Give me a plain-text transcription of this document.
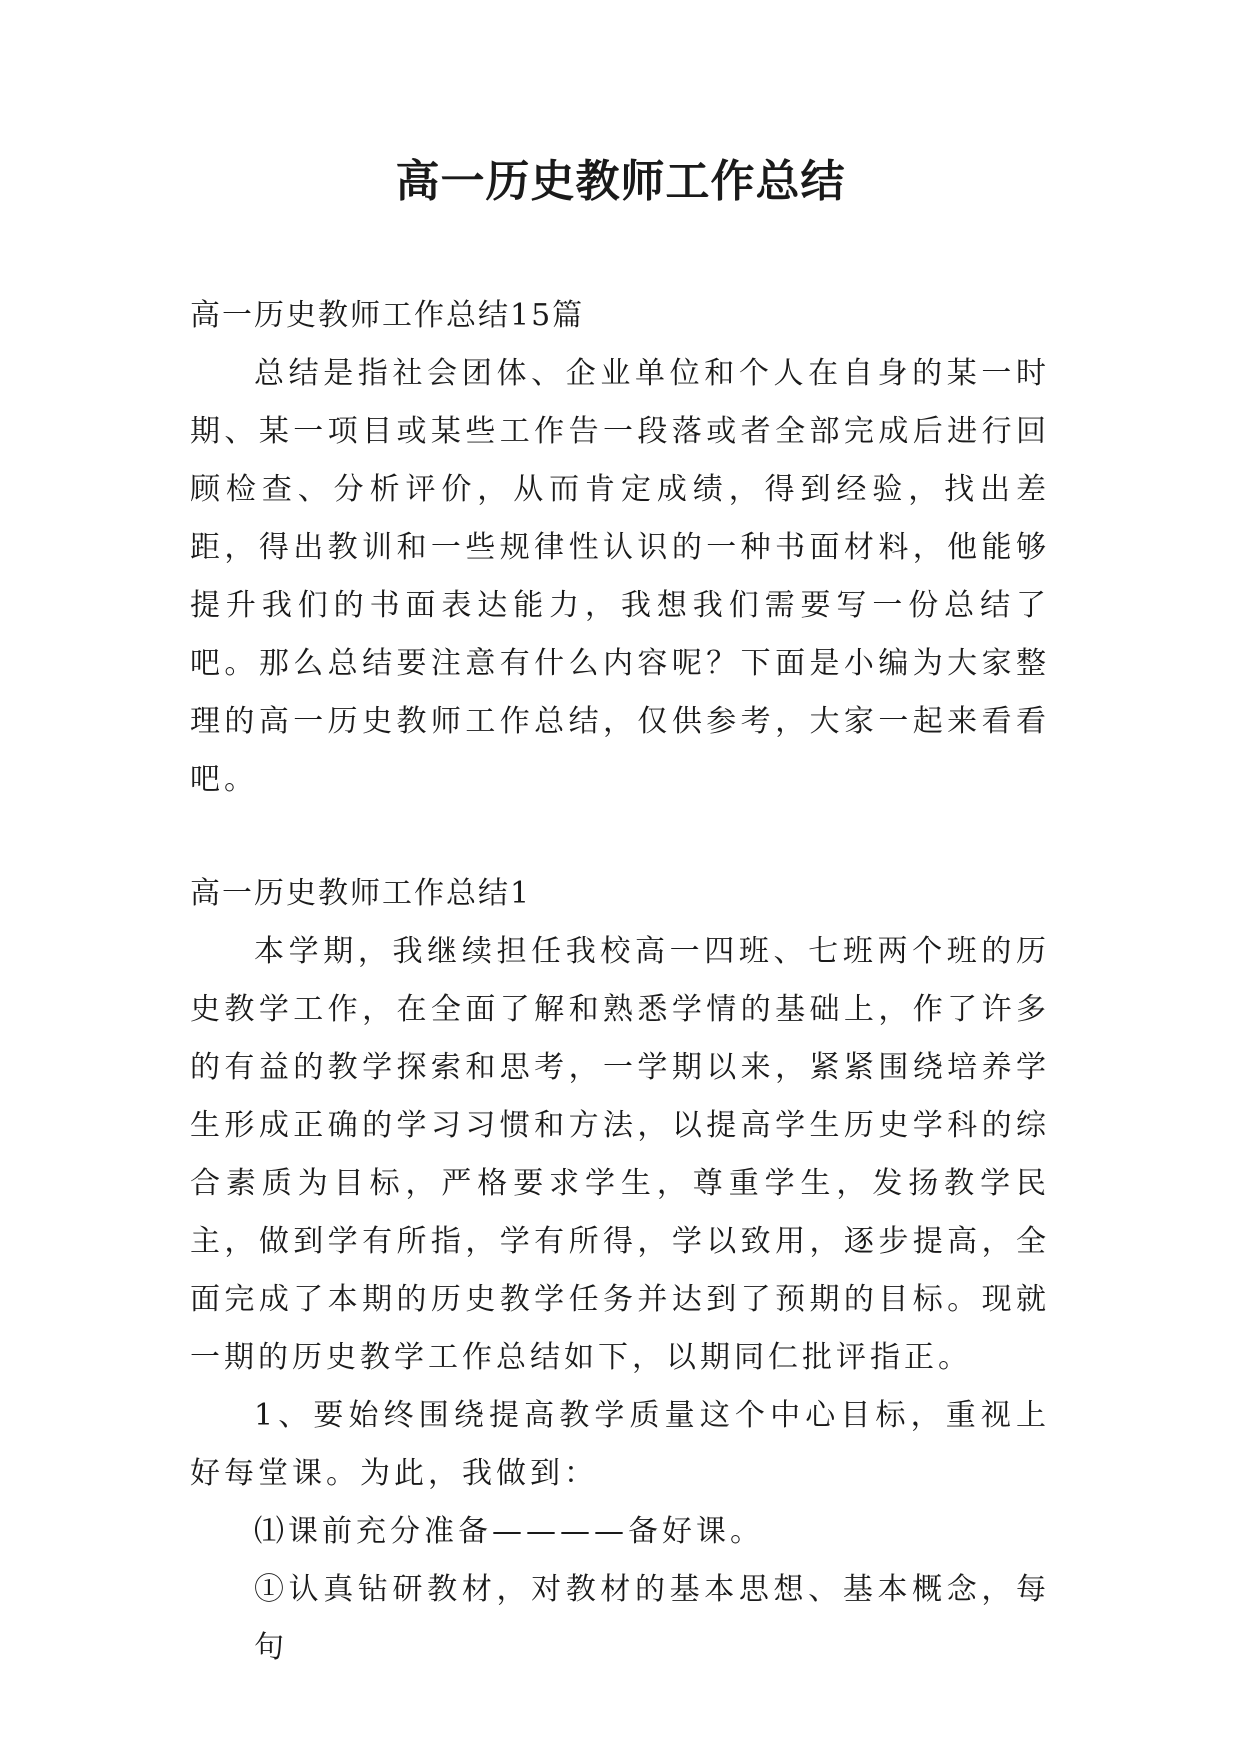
高一历史教师工作总结

高一历史教师工作总结15篇

总结是指社会团体、企业单位和个人在自身的某一时期、某一项目或某些工作告一段落或者全部完成后进行回顾检查、分析评价，从而肯定成绩，得到经验，找出差距，得出教训和一些规律性认识的一种书面材料，他能够提升我们的书面表达能力，我想我们需要写一份总结了吧。那么总结要注意有什么内容呢？下面是小编为大家整理的高一历史教师工作总结，仅供参考，大家一起来看看吧。

高一历史教师工作总结1

本学期，我继续担任我校高一四班、七班两个班的历史教学工作，在全面了解和熟悉学情的基础上，作了许多的有益的教学探索和思考，一学期以来，紧紧围绕培养学生形成正确的学习习惯和方法，以提高学生历史学科的综合素质为目标，严格要求学生，尊重学生，发扬教学民主，做到学有所指，学有所得，学以致用，逐步提高，全面完成了本期的历史教学任务并达到了预期的目标。现就一期的历史教学工作总结如下，以期同仁批评指正。

1、要始终围绕提高教学质量这个中心目标，重视上好每堂课。为此，我做到：

⑴课前充分准备————备好课。

①认真钻研教材，对教材的基本思想、基本概念，每句
